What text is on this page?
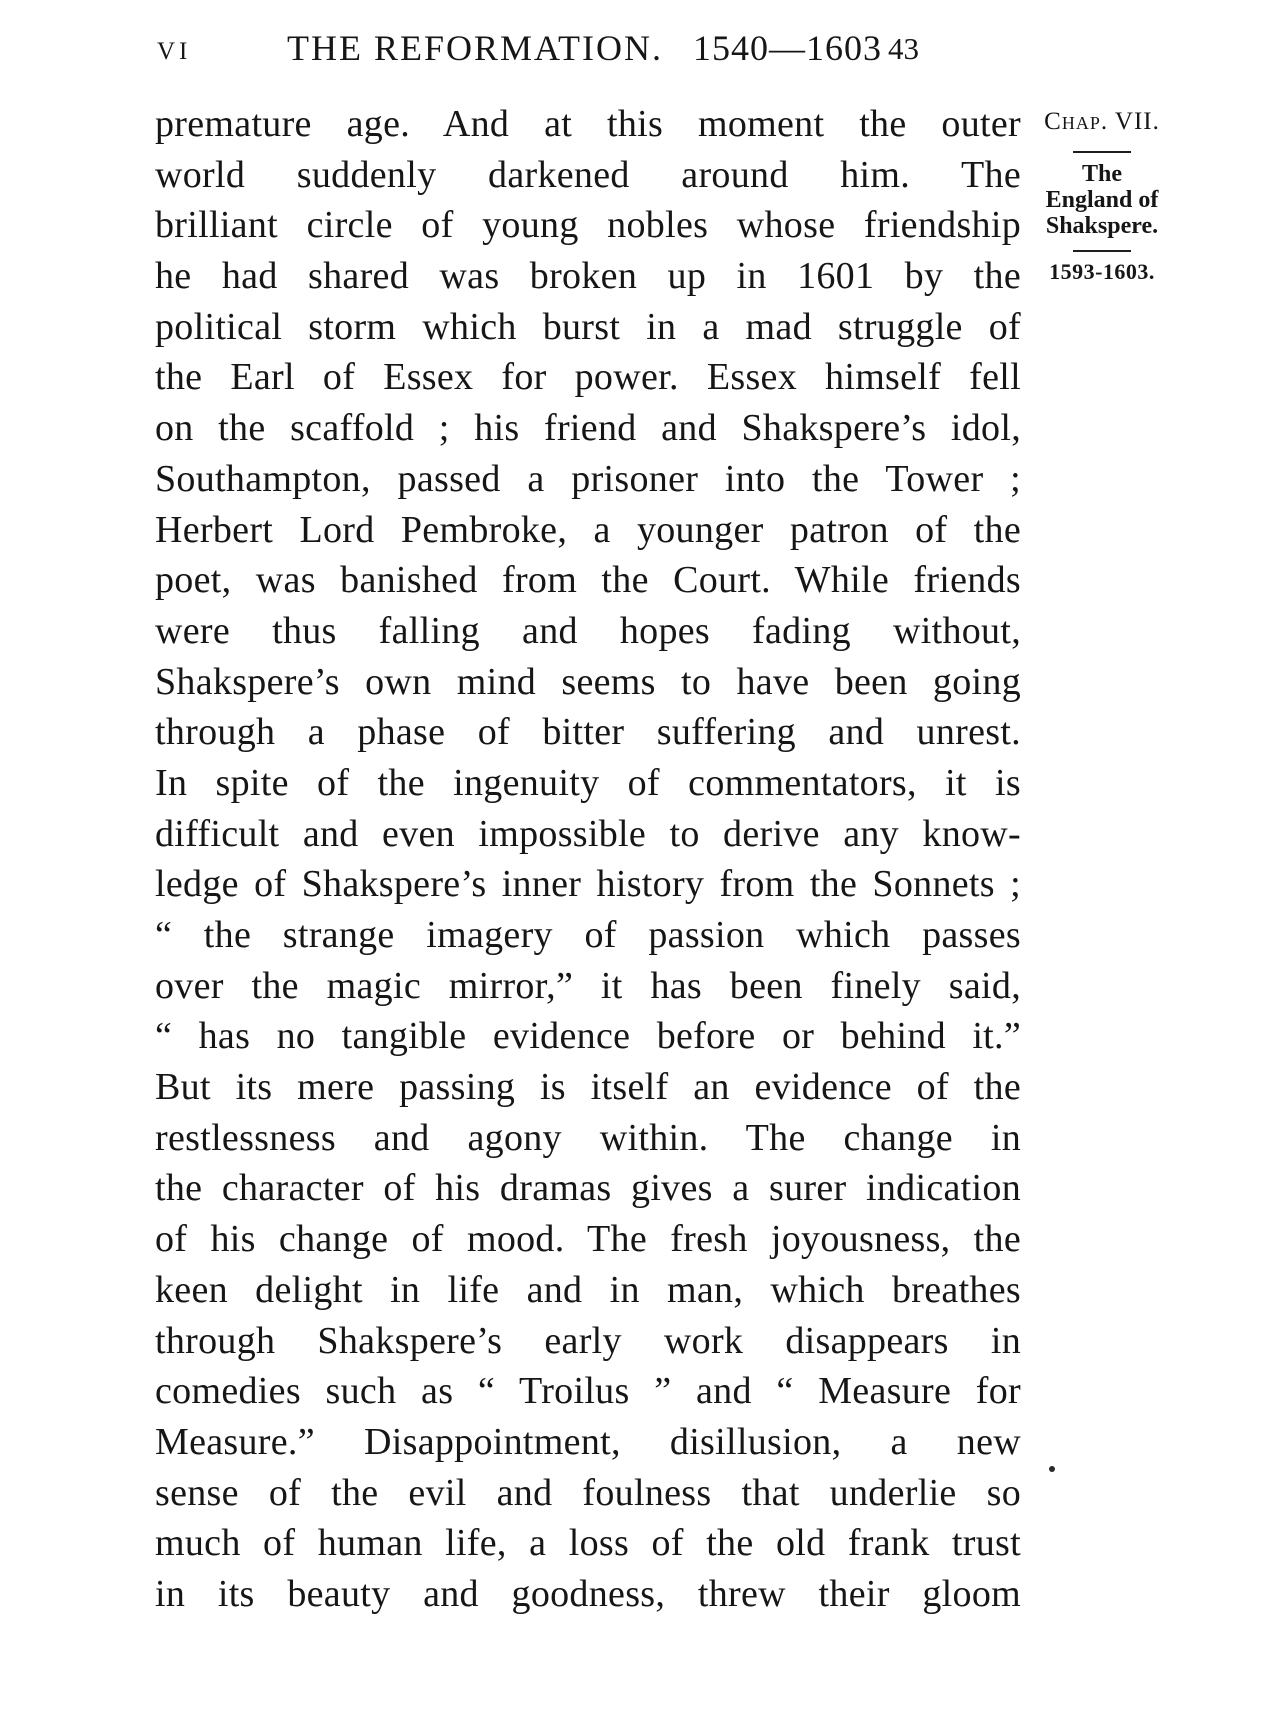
VI	THE REFORMATION. 1540—1603 43
premature age. And at this moment the outer
world suddenly darkened around him. The
brilliant circle of young nobles whose friendship
he had shared was broken up in 1601 by the
political storm which burst in a mad struggle of
the Earl of Essex for power. Essex himself fell
on the scaffold ; his friend and Shakspere’s idol,
Southampton, passed a prisoner into the Tower ;
Herbert Lord Pembroke, a younger patron of the
poet, was banished from the Court. While friends
were thus falling and hopes fading without,
Shakspere’s own mind seems to have been going
through a phase of bitter suffering and unrest.
In spite of the ingenuity of commentators, it is
difficult and even impossible to derive any know-
ledge of Shakspere’s inner history from the Sonnets ;
“ the strange imagery of passion which passes
over the magic mirror,” it has been finely said,
“ has no tangible evidence before or behind it.”
But its mere passing is itself an evidence of the
restlessness and agony within. The change in
the character of his dramas gives a surer indication
of his change of mood. The fresh joyousness, the
keen delight in life and in man, which breathes
through Shakspere’s early work disappears in
comedies such as “ Troilus ” and “ Measure for
Measure.” Disappointment, disillusion, a new
sense of the evil and foulness that underlie so
much of human life, a loss of the old frank trust
in its beauty and goodness, threw their gloom
Chap. VII.
The
England of
Shakspere.
1593-1603.
